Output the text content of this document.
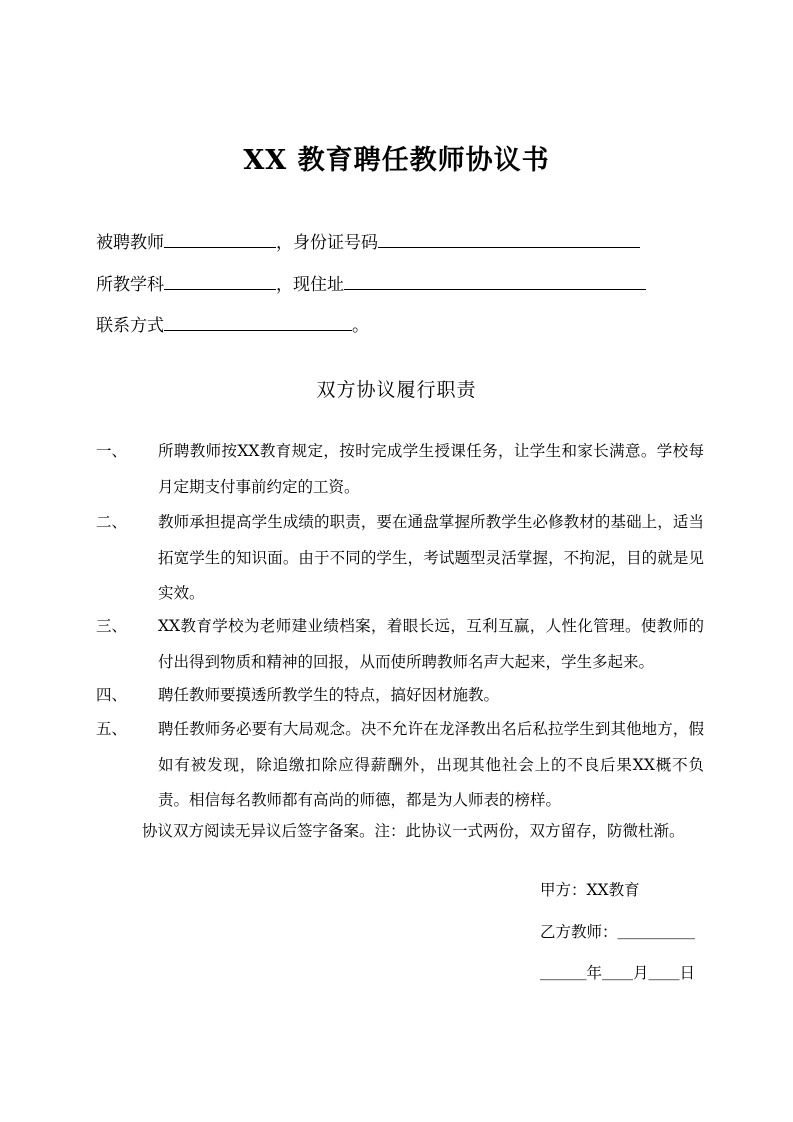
XX 教育聘任教师协议书
被聘教师	，身份证号码
所教学科	，现住址
联系方式	。
双方协议履行职责
一、 所聘教师按XX教育规定，按时完成学生授课任务，让学生和家长满意。学校每月定期支付事前约定的工资。
二、 教师承担提高学生成绩的职责，要在通盘掌握所教学生必修教材的基础上，适当拓宽学生的知识面。由于不同的学生，考试题型灵活掌握，不拘泥，目的就是见实效。
三、 XX教育学校为老师建业绩档案，着眼长远，互利互赢，人性化管理。使教师的付出得到物质和精神的回报，从而使所聘教师名声大起来，学生多起来。
四、 聘任教师要摸透所教学生的特点，搞好因材施教。
五、 聘任教师务必要有大局观念。决不允许在龙泽教出名后私拉学生到其他地方，假如有被发现，除追缴扣除应得薪酬外，出现其他社会上的不良后果XX概不负责。相信每名教师都有高尚的师德，都是为人师表的榜样。
协议双方阅读无异议后签字备案。注：此协议一式两份，双方留存，防微杜渐。
甲方：XX教育
乙方教师：＿＿＿＿＿
＿＿＿年＿＿月＿＿日
